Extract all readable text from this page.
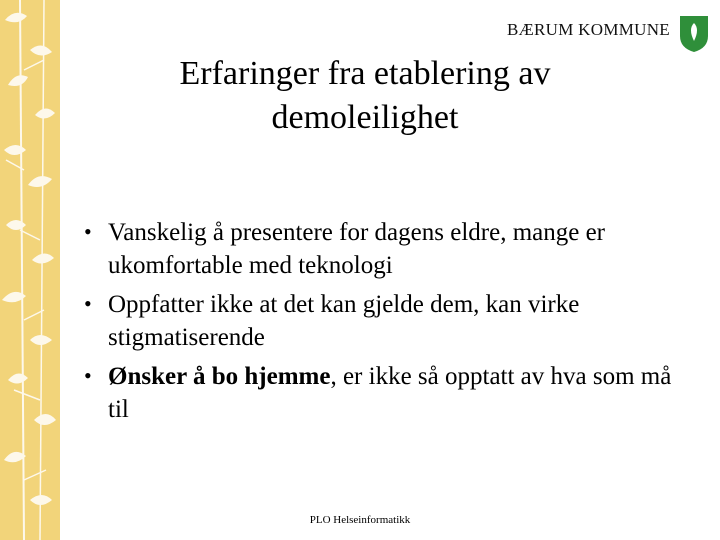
BÆRUM KOMMUNE
Erfaringer fra etablering av demoleilighet
• Vanskelig å presentere for dagens eldre, mange er ukomfortable med teknologi
• Oppfatter ikke at det kan gjelde dem, kan virke stigmatiserende
• Ønsker å bo hjemme, er ikke så opptatt av hva som må til
PLO Helseinformatikk
